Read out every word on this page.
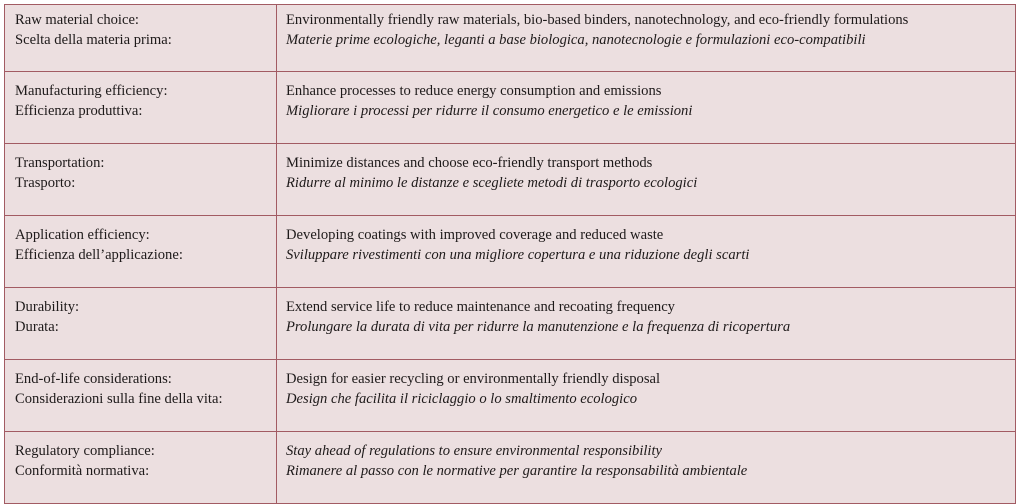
Raw material choice:
Scelta della materia prima:	Environmentally friendly raw materials, bio-based binders, nanotechnology, and eco-friendly formulations
Materie prime ecologiche, leganti a base biologica, nanotecnologie e formulazioni eco-compatibili

Manufacturing efficiency:
Efficienza produttiva:	Enhance processes to reduce energy consumption and emissions
Migliorare i processi per ridurre il consumo energetico e le emissioni

Transportation:
Trasporto:	Minimize distances and choose eco-friendly transport methods
Ridurre al minimo le distanze e scegliete metodi di trasporto ecologici

Application efficiency:
Efficienza dell’applicazione:	Developing coatings with improved coverage and reduced waste
Sviluppare rivestimenti con una migliore copertura e una riduzione degli scarti

Durability:
Durata:	Extend service life to reduce maintenance and recoating frequency
Prolungare la durata di vita per ridurre la manutenzione e la frequenza di ricopertura

End-of-life considerations:
Considerazioni sulla fine della vita:	Design for easier recycling or environmentally friendly disposal
Design che facilita il riciclaggio o lo smaltimento ecologico

Regulatory compliance:
Conformità normativa:	Stay ahead of regulations to ensure environmental responsibility
Rimanere al passo con le normative per garantire la responsabilità ambientale
